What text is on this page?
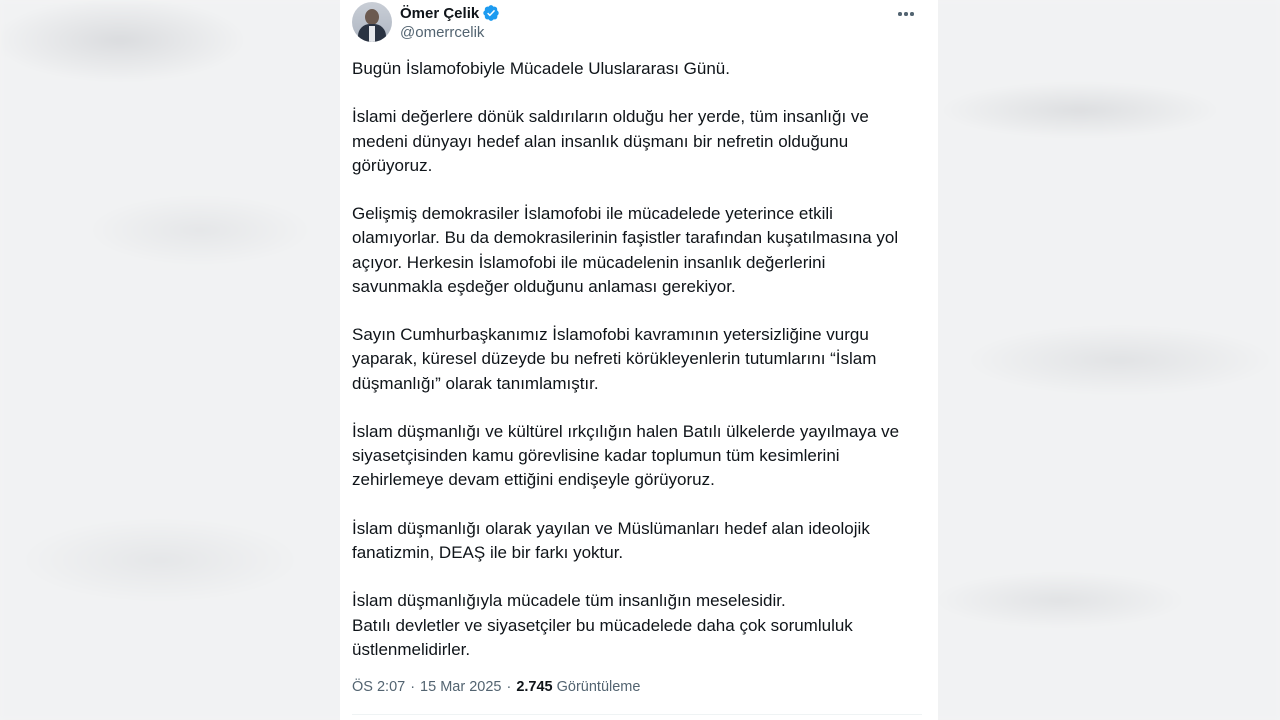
Ömer Çelik
@omerrcelik

Bugün İslamofobiyle Mücadele Uluslararası Günü.

İslami değerlere dönük saldırıların olduğu her yerde, tüm insanlığı ve
medeni dünyayı hedef alan insanlık düşmanı bir nefretin olduğunu
görüyoruz.

Gelişmiş demokrasiler İslamofobi ile mücadelede yeterince etkili
olamıyorlar. Bu da demokrasilerinin faşistler tarafından kuşatılmasına yol
açıyor. Herkesin İslamofobi ile mücadelenin insanlık değerlerini
savunmakla eşdeğer olduğunu anlaması gerekiyor.

Sayın Cumhurbaşkanımız İslamofobi kavramının yetersizliğine vurgu
yaparak, küresel düzeyde bu nefreti körükleyenlerin tutumlarını “İslam
düşmanlığı” olarak tanımlamıştır.

İslam düşmanlığı ve kültürel ırkçılığın halen Batılı ülkelerde yayılmaya ve
siyasetçisinden kamu görevlisine kadar toplumun tüm kesimlerini
zehirlemeye devam ettiğini endişeyle görüyoruz.

İslam düşmanlığı olarak yayılan ve Müslümanları hedef alan ideolojik
fanatizmin, DEAŞ ile bir farkı yoktur.

İslam düşmanlığıyla mücadele tüm insanlığın meselesidir.
Batılı devletler ve siyasetçiler bu mücadelede daha çok sorumluluk
üstlenmelidirler.

ÖS 2:07 · 15 Mar 2025 · 2.745 Görüntüleme
